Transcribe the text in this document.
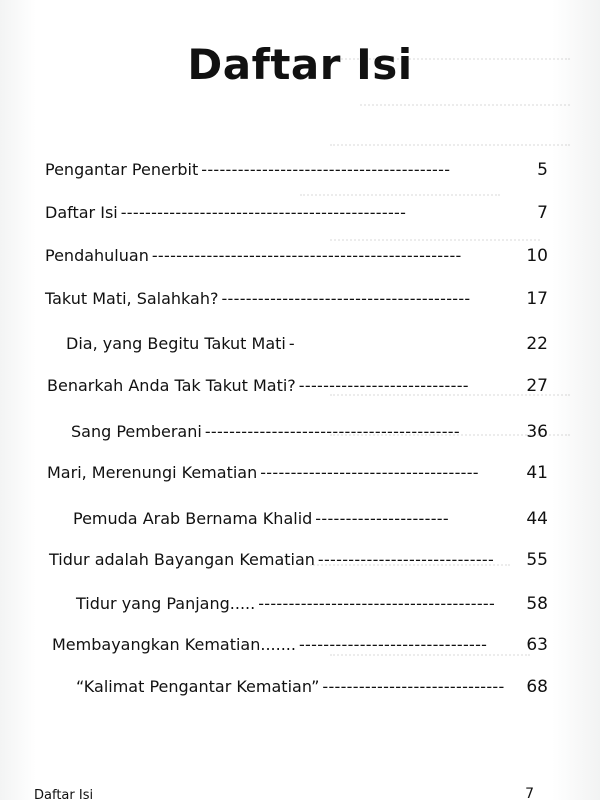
Daftar Isi
Pengantar Penerbit -----------------------------------------	5
Daftar Isi -----------------------------------------------	7
Pendahuluan ---------------------------------------------------	10
Takut Mati, Salahkah? -----------------------------------------	17
Dia, yang Begitu Takut Mati -	22
Benarkah Anda Tak Takut Mati? ----------------------------	27
Sang Pemberani ------------------------------------------	36
Mari, Merenungi Kematian ------------------------------------	41
Pemuda Arab Bernama Khalid ----------------------	44
Tidur adalah Bayangan Kematian -----------------------------	55
Tidur yang Panjang..... ---------------------------------------	58
Membayangkan Kematian....... -------------------------------	63
“Kalimat Pengantar Kematian” ------------------------------	68
Daftar Isi	7
